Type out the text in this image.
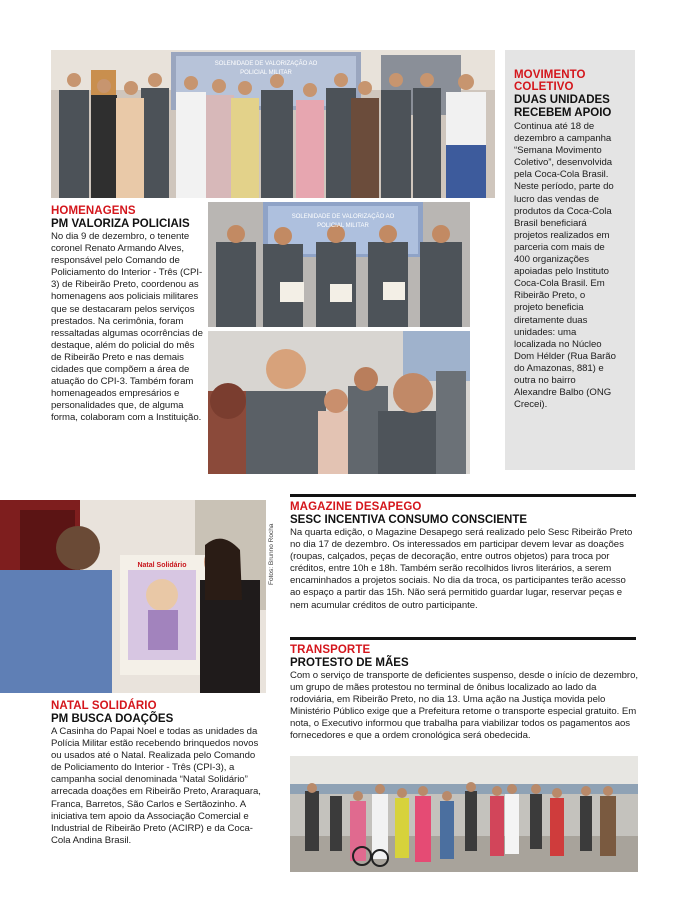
SOLENIDADE DE VALORIZAÇÃO AO
POLICIAL MILITAR	MOVIMENTO
COLETIVO
DUAS UNIDADES
RECEBEM APOIO
Continua até 18 de dezembro a campanha “Semana Movimento Coletivo”, desenvolvida pela Coca-Cola Brasil. Neste período, parte do lucro das vendas de produtos da Coca-Cola Brasil beneficiará projetos realizados em parceria com mais de 400 organizações apoiadas pelo Instituto Coca-Cola Brasil. Em Ribeirão Preto, o projeto beneficia diretamente duas unidades: uma localizada no Núcleo Dom Hélder (Rua Barão do Amazonas, 881) e outra no bairro Alexandre Balbo (ONG Crecei).
HOMENAGENS
PM VALORIZA POLICIAIS
No dia 9 de dezembro, o tenente coronel Renato Armando Alves, responsável pelo Comando de Policiamento do Interior - Três (CPI-3) de Ribeirão Preto, coordenou as homenagens aos policiais militares que se destacaram pelos serviços prestados. Na cerimônia, foram ressaltadas algumas ocorrências de destaque, além do policial do mês de Ribeirão Preto e nas demais cidades que compõem a área de atuação do CPI-3. Também foram homenageados empresários e personalidades que, de alguma forma, colaboram com a Instituição.
SOLENIDADE DE VALORIZAÇÃO AO
POLICIAL MILITAR
Natal Solidário	Fotos: Brunno Rocha
NATAL SOLIDÁRIO
PM BUSCA DOAÇÕES
A Casinha do Papai Noel e todas as unidades da Polícia Militar estão recebendo brinquedos novos ou usados até o Natal. Realizada pelo Comando de Policiamento do Interior - Três (CPI-3), a campanha social denominada “Natal Solidário” arrecada doações em Ribeirão Preto, Araraquara, Franca, Barretos, São Carlos e Sertãozinho. A iniciativa tem apoio da Associação Comercial e Industrial de Ribeirão Preto (ACIRP) e da Coca-Cola Andina Brasil.
MAGAZINE DESAPEGO
SESC INCENTIVA CONSUMO CONSCIENTE
Na quarta edição, o Magazine Desapego será realizado pelo Sesc Ribeirão Preto no dia 17 de dezembro. Os interessados em participar devem levar as doações (roupas, calçados, peças de decoração, entre outros objetos) para troca por créditos, entre 10h e 18h. Também serão recolhidos livros literários, a serem encaminhados a projetos sociais. No dia da troca, os participantes terão acesso ao espaço a partir das 15h. Não será permitido guardar lugar, reservar peças e nem acumular créditos de outro participante.
TRANSPORTE
PROTESTO DE MÃES
Com o serviço de transporte de deficientes suspenso, desde o início de dezembro, um grupo de mães protestou no terminal de ônibus localizado ao lado da rodoviária, em Ribeirão Preto, no dia 13. Uma ação na Justiça movida pelo Ministério Público exige que a Prefeitura retome o transporte especial gratuito. Em nota, o Executivo informou que trabalha para viabilizar todos os pagamentos aos fornecedores e que a ordem cronológica será obedecida.
